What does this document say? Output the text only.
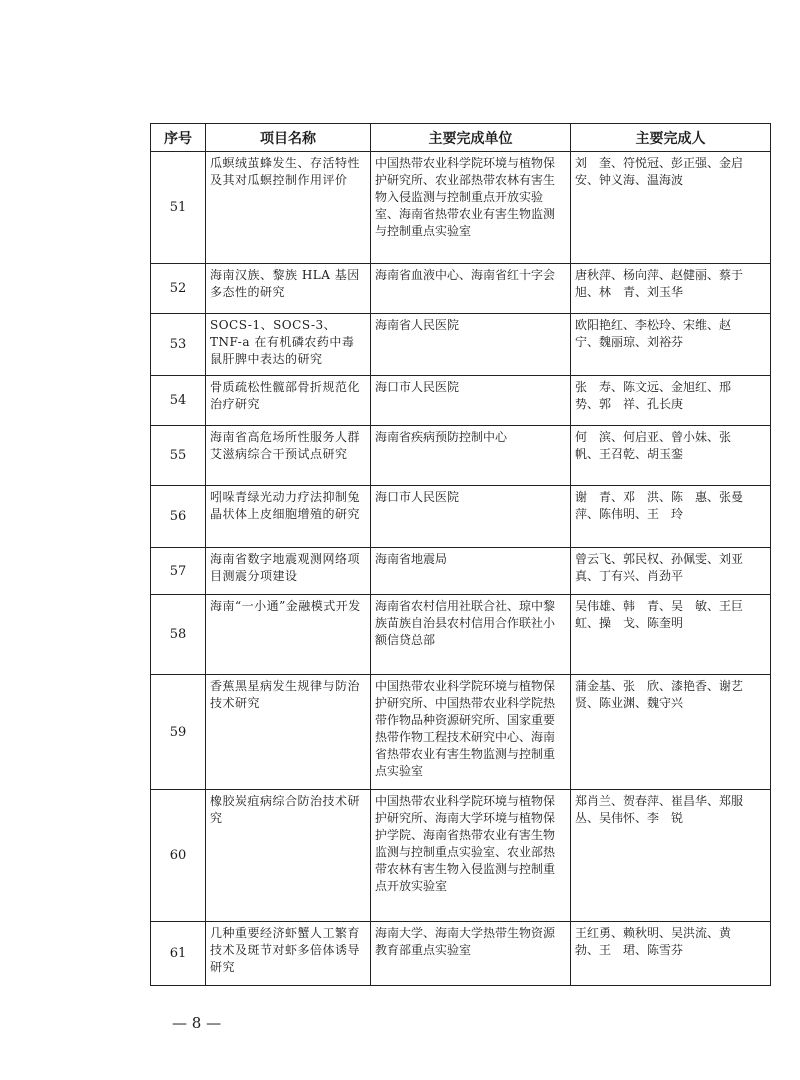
序号	项目名称	主要完成单位	主要完成人
51	瓜螟绒茧蜂发生、存活特性及其对瓜螟控制作用评价	中国热带农业科学院环境与植物保护研究所、农业部热带农林有害生物入侵监测与控制重点开放实验室、海南省热带农业有害生物监测与控制重点实验室	刘　奎、符悦冠、彭正强、金启安、钟义海、温海波
52	海南汉族、黎族 HLA 基因多态性的研究	海南省血液中心、海南省红十字会	唐秋萍、杨向萍、赵健丽、蔡于旭、林　青、刘玉华
53	SOCS-1、SOCS-3、TNF-a 在有机磷农药中毒鼠肝脾中表达的研究	海南省人民医院	欧阳艳红、李松玲、宋维、赵　宁、魏丽琼、刘裕芬
54	骨质疏松性髋部骨折规范化治疗研究	海口市人民医院	张　寿、陈文远、金旭红、邢　势、郭　祥、孔长庚
55	海南省高危场所性服务人群艾滋病综合干预试点研究	海南省疾病预防控制中心	何　滨、何启亚、曾小妹、张　帆、王召乾、胡玉銮
56	吲哚青绿光动力疗法抑制兔晶状体上皮细胞增殖的研究	海口市人民医院	谢　青、邓　洪、陈　惠、张曼萍、陈伟明、王　玲
57	海南省数字地震观测网络项目测震分项建设	海南省地震局	曾云飞、郭民权、孙佩雯、刘亚真、丁有兴、肖劲平
58	海南“一小通”金融模式开发	海南省农村信用社联合社、琼中黎族苗族自治县农村信用合作联社小额信贷总部	吴伟雄、韩　青、吴　敏、王巨虹、操　戈、陈奎明
59	香蕉黑星病发生规律与防治技术研究	中国热带农业科学院环境与植物保护研究所、中国热带农业科学院热带作物品种资源研究所、国家重要热带作物工程技术研究中心、海南省热带农业有害生物监测与控制重点实验室	蒲金基、张　欣、漆艳香、谢艺贤、陈业渊、魏守兴
60	橡胶炭疽病综合防治技术研究	中国热带农业科学院环境与植物保护研究所、海南大学环境与植物保护学院、海南省热带农业有害生物监测与控制重点实验室、农业部热带农林有害生物入侵监测与控制重点开放实验室	郑肖兰、贺春萍、崔昌华、郑服丛、吴伟怀、李　锐
61	几种重要经济虾蟹人工繁育技术及斑节对虾多倍体诱导研究	海南大学、海南大学热带生物资源教育部重点实验室	王红勇、赖秋明、吴洪流、黄　勃、王　珺、陈雪芬
— 8 —
